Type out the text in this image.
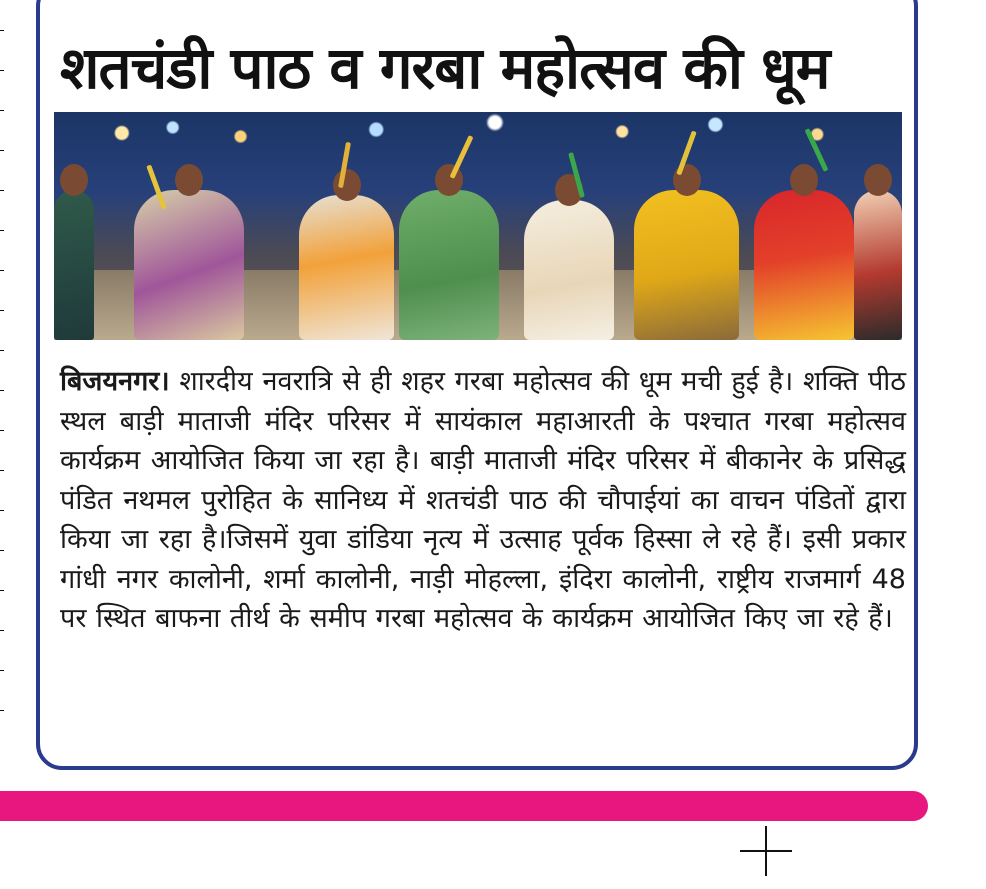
शतचंडी पाठ व गरबा महोत्सव की धूम
बिजयनगर। शारदीय नवरात्रि से ही शहर गरबा महोत्सव की धूम मची हुई है। शक्ति पीठ स्थल बाड़ी माताजी मंदिर परिसर में सायंकाल महाआरती के पश्चात गरबा महोत्सव कार्यक्रम आयोजित किया जा रहा है। बाड़ी माताजी मंदिर परिसर में बीकानेर के प्रसिद्ध पंडित नथमल पुरोहित के सानिध्य में शतचंडी पाठ की चौपाईयां का वाचन पंडितों द्वारा किया जा रहा है।जिसमें युवा डांडिया नृत्य में उत्साह पूर्वक हिस्सा ले रहे हैं। इसी प्रकार गांधी नगर कालोनी, शर्मा कालोनी, नाड़ी मोहल्ला, इंदिरा कालोनी, राष्ट्रीय राजमार्ग 48 पर स्थित बाफना तीर्थ के समीप गरबा महोत्सव के कार्यक्रम आयोजित किए जा रहे हैं।
